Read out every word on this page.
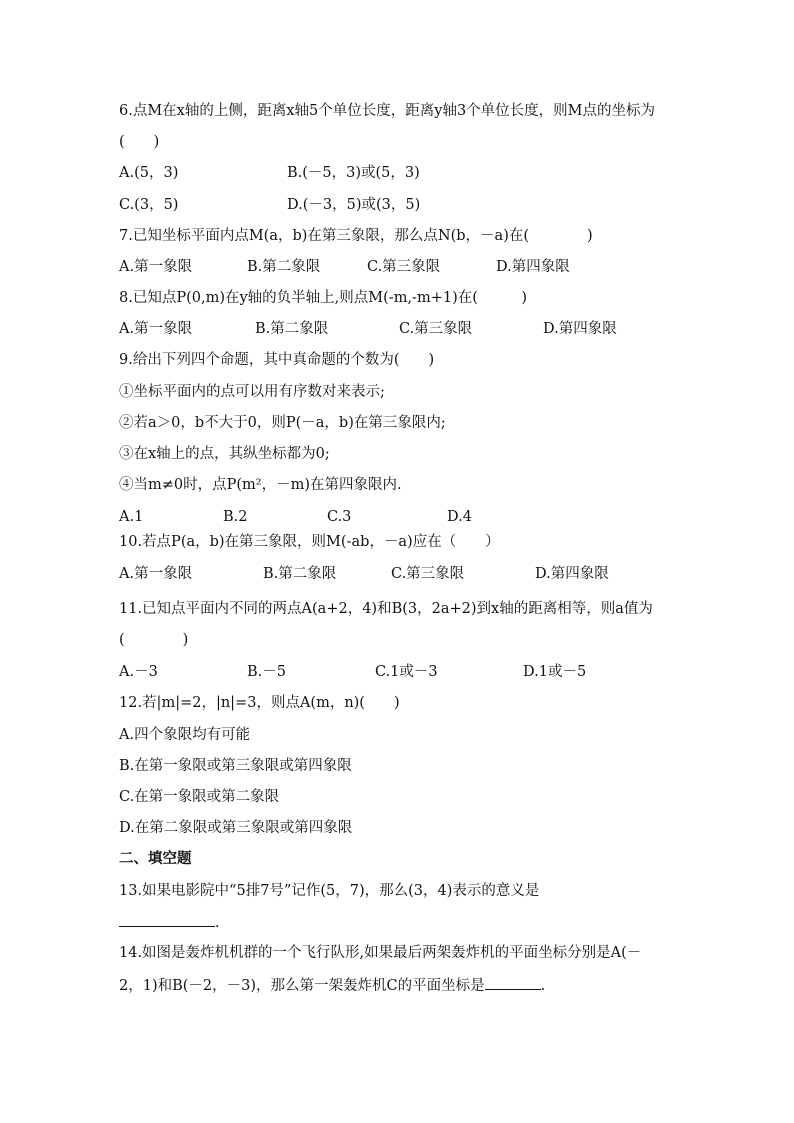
6.点M在x轴的上侧，距离x轴5个单位长度，距离y轴3个单位长度，则M点的坐标为
(　　)
A.(5，3)	B.(－5，3)或(5，3)
C.(3，5)	D.(－3，5)或(3，5)
7.已知坐标平面内点M(a，b)在第三象限，那么点N(b，－a)在(　　　　)
A.第一象限	B.第二象限	C.第三象限	D.第四象限
8.已知点P(0,m)在y轴的负半轴上,则点M(-m,-m+1)在(　　　)
A.第一象限	B.第二象限	C.第三象限	D.第四象限
9.给出下列四个命题，其中真命题的个数为(　　)
①坐标平面内的点可以用有序数对来表示;
②若a＞0，b不大于0，则P(－a，b)在第三象限内;
③在x轴上的点，其纵坐标都为0;
④当m≠0时，点P(m²，－m)在第四象限内.
A.1	B.2	C.3	D.4
10.若点P(a，b)在第三象限，则M(-ab，－a)应在（　　）
A.第一象限	B.第二象限	C.第三象限	D.第四象限
11.已知点平面内不同的两点A(a+2，4)和B(3，2a+2)到x轴的距离相等，则a值为
(　　　　)
A.－3	B.－5	C.1或－3	D.1或－5
12.若|m|=2，|n|=3，则点A(m，n)(　　)
A.四个象限均有可能
B.在第一象限或第三象限或第四象限
C.在第一象限或第二象限
D.在第二象限或第三象限或第四象限
二、填空题
13.如果电影院中“5排7号”记作(5，7)，那么(3，4)表示的意义是
.
14.如图是轰炸机机群的一个飞行队形,如果最后两架轰炸机的平面坐标分别是A(－
2，1)和B(－2，－3)，那么第一架轰炸机C的平面坐标是	.
